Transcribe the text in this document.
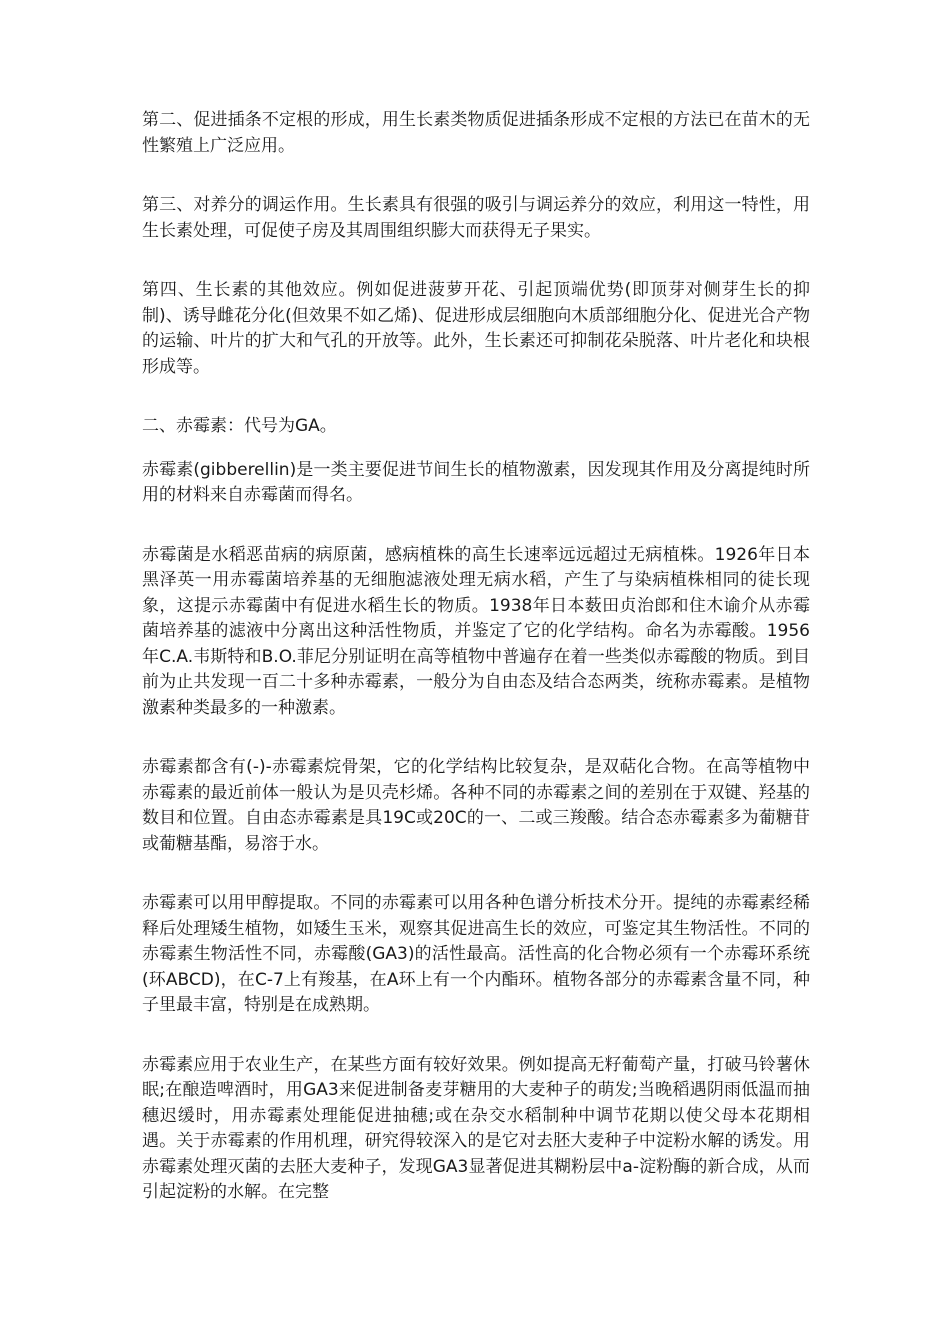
第二、促进插条不定根的形成，用生长素类物质促进插条形成不定根的方法已在苗木的无性繁殖上广泛应用。

第三、对养分的调运作用。生长素具有很强的吸引与调运养分的效应，利用这一特性，用生长素处理，可促使子房及其周围组织膨大而获得无子果实。

第四、生长素的其他效应。例如促进菠萝开花、引起顶端优势(即顶芽对侧芽生长的抑制)、诱导雌花分化(但效果不如乙烯)、促进形成层细胞向木质部细胞分化、促进光合产物的运输、叶片的扩大和气孔的开放等。此外，生长素还可抑制花朵脱落、叶片老化和块根形成等。

二、赤霉素：代号为GA。

赤霉素(gibberellin)是一类主要促进节间生长的植物激素，因发现其作用及分离提纯时所用的材料来自赤霉菌而得名。

赤霉菌是水稻恶苗病的病原菌，感病植株的高生长速率远远超过无病植株。1926年日本黑泽英一用赤霉菌培养基的无细胞滤液处理无病水稻，产生了与染病植株相同的徒长现象，这提示赤霉菌中有促进水稻生长的物质。1938年日本薮田贞治郎和住木谕介从赤霉菌培养基的滤液中分离出这种活性物质，并鉴定了它的化学结构。命名为赤霉酸。1956年C.A.韦斯特和B.O.菲尼分别证明在高等植物中普遍存在着一些类似赤霉酸的物质。到目前为止共发现一百二十多种赤霉素，一般分为自由态及结合态两类，统称赤霉素。是植物激素种类最多的一种激素。

赤霉素都含有(-)-赤霉素烷骨架，它的化学结构比较复杂，是双萜化合物。在高等植物中赤霉素的最近前体一般认为是贝壳杉烯。各种不同的赤霉素之间的差别在于双键、羟基的数目和位置。自由态赤霉素是具19C或20C的一、二或三羧酸。结合态赤霉素多为葡糖苷或葡糖基酯，易溶于水。

赤霉素可以用甲醇提取。不同的赤霉素可以用各种色谱分析技术分开。提纯的赤霉素经稀释后处理矮生植物，如矮生玉米，观察其促进高生长的效应，可鉴定其生物活性。不同的赤霉素生物活性不同，赤霉酸(GA3)的活性最高。活性高的化合物必须有一个赤霉环系统(环ABCD)，在C-7上有羧基，在A环上有一个内酯环。植物各部分的赤霉素含量不同，种子里最丰富，特别是在成熟期。

赤霉素应用于农业生产，在某些方面有较好效果。例如提高无籽葡萄产量，打破马铃薯休眠;在酿造啤酒时，用GA3来促进制备麦芽糖用的大麦种子的萌发;当晚稻遇阴雨低温而抽穗迟缓时，用赤霉素处理能促进抽穗;或在杂交水稻制种中调节花期以使父母本花期相遇。关于赤霉素的作用机理，研究得较深入的是它对去胚大麦种子中淀粉水解的诱发。用赤霉素处理灭菌的去胚大麦种子，发现GA3显著促进其糊粉层中a-淀粉酶的新合成，从而引起淀粉的水解。在完整
